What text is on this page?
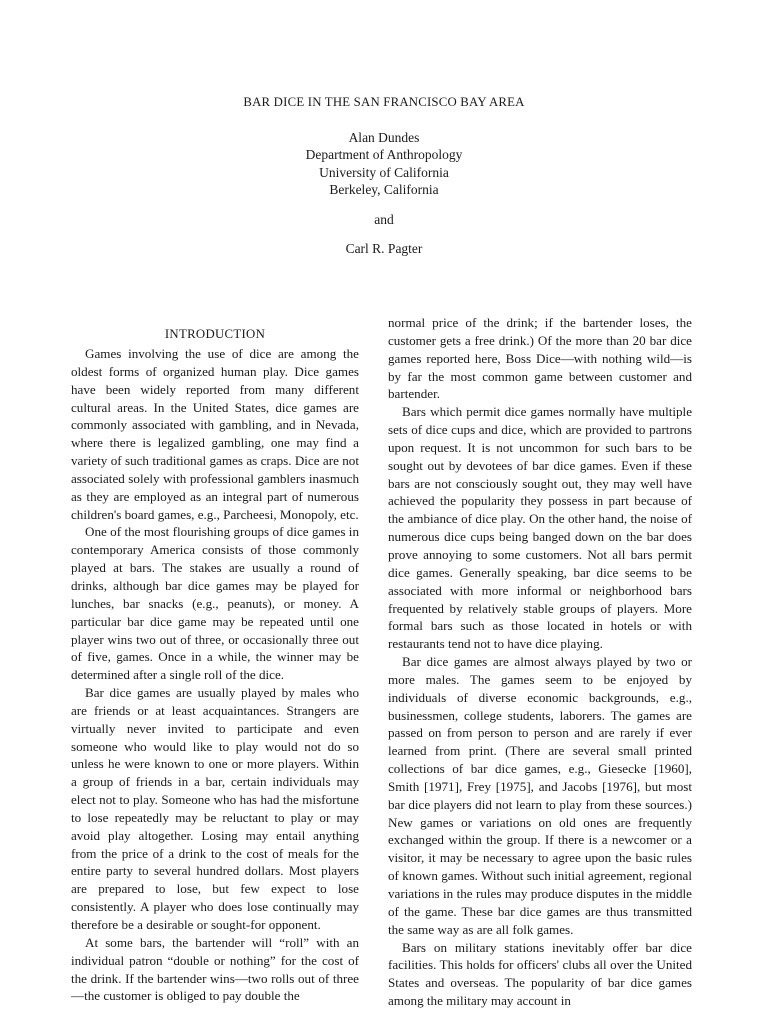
BAR DICE IN THE SAN FRANCISCO BAY AREA
Alan Dundes
Department of Anthropology
University of California
Berkeley, California
and
Carl R. Pagter
INTRODUCTION

Games involving the use of dice are among the oldest forms of organized human play. Dice games have been widely reported from many different cultural areas. In the United States, dice games are commonly associated with gambling, and in Nevada, where there is legalized gambling, one may find a variety of such traditional games as craps. Dice are not associated solely with professional gamblers inasmuch as they are employed as an integral part of numerous children's board games, e.g., Parcheesi, Monopoly, etc.

One of the most flourishing groups of dice games in contemporary America consists of those commonly played at bars. The stakes are usually a round of drinks, although bar dice games may be played for lunches, bar snacks (e.g., peanuts), or money. A particular bar dice game may be repeated until one player wins two out of three, or occasionally three out of five, games. Once in a while, the winner may be determined after a single roll of the dice.

Bar dice games are usually played by males who are friends or at least acquaintances. Strangers are virtually never invited to participate and even someone who would like to play would not do so unless he were known to one or more players. Within a group of friends in a bar, certain individuals may elect not to play. Someone who has had the misfortune to lose repeatedly may be reluctant to play or may avoid play altogether. Losing may entail anything from the price of a drink to the cost of meals for the entire party to several hundred dollars. Most players are prepared to lose, but few expect to lose consistently. A player who does lose continually may therefore be a desirable or sought-for opponent.

At some bars, the bartender will “roll” with an individual patron “double or nothing” for the cost of the drink. If the bartender wins—two rolls out of three—the customer is obliged to pay double the

normal price of the drink; if the bartender loses, the customer gets a free drink.) Of the more than 20 bar dice games reported here, Boss Dice—with nothing wild—is by far the most common game between customer and bartender.

Bars which permit dice games normally have multiple sets of dice cups and dice, which are provided to partrons upon request. It is not uncommon for such bars to be sought out by devotees of bar dice games. Even if these bars are not consciously sought out, they may well have achieved the popularity they possess in part because of the ambiance of dice play. On the other hand, the noise of numerous dice cups being banged down on the bar does prove annoying to some customers. Not all bars permit dice games. Generally speaking, bar dice seems to be associated with more informal or neighborhood bars frequented by relatively stable groups of players. More formal bars such as those located in hotels or with restaurants tend not to have dice playing.

Bar dice games are almost always played by two or more males. The games seem to be enjoyed by individuals of diverse economic backgrounds, e.g., businessmen, college students, laborers. The games are passed on from person to person and are rarely if ever learned from print. (There are several small printed collections of bar dice games, e.g., Giesecke [1960], Smith [1971], Frey [1975], and Jacobs [1976], but most bar dice players did not learn to play from these sources.) New games or variations on old ones are frequently exchanged within the group. If there is a newcomer or a visitor, it may be necessary to agree upon the basic rules of known games. Without such initial agreement, regional variations in the rules may produce disputes in the middle of the game. These bar dice games are thus transmitted the same way as are all folk games.

Bars on military stations inevitably offer bar dice facilities. This holds for officers' clubs all over the United States and overseas. The popularity of bar dice games among the military may account in
